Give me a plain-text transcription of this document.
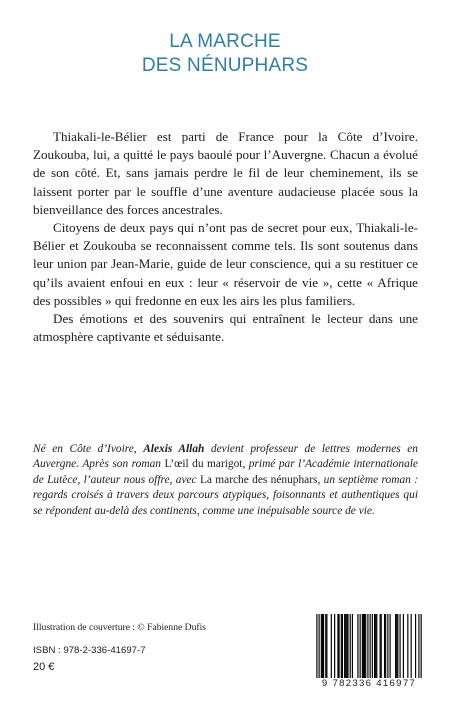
LA MARCHE
DES NÉNUPHARS

Thiakali-le-Bélier est parti de France pour la Côte d’Ivoire. Zoukouba, lui, a quitté le pays baoulé pour l’Auvergne. Chacun a évolué de son côté. Et, sans jamais perdre le fil de leur cheminement, ils se laissent porter par le souffle d’une aventure audacieuse placée sous la bienveillance des forces ancestrales.

Citoyens de deux pays qui n’ont pas de secret pour eux, Thiakali-le-Bélier et Zoukouba se reconnaissent comme tels. Ils sont soutenus dans leur union par Jean-Marie, guide de leur conscience, qui a su restituer ce qu’ils avaient enfoui en eux : leur « réservoir de vie », cette « Afrique des possibles » qui fredonne en eux les airs les plus familiers.

Des émotions et des souvenirs qui entraînent le lecteur dans une atmosphère captivante et séduisante.

Né en Côte d’Ivoire, Alexis Allah devient professeur de lettres modernes en Auvergne. Après son roman L’œil du marigot, primé par l’Académie internationale de Lutèce, l’auteur nous offre, avec La marche des nénuphars, un septième roman : regards croisés à travers deux parcours atypiques, foisonnants et authentiques qui se répondent au-delà des continents, comme une inépuisable source de vie.
Illustration de couverture : © Fabienne Dufis
ISBN : 978-2-336-41697-7
20 €
9 782336 416977
